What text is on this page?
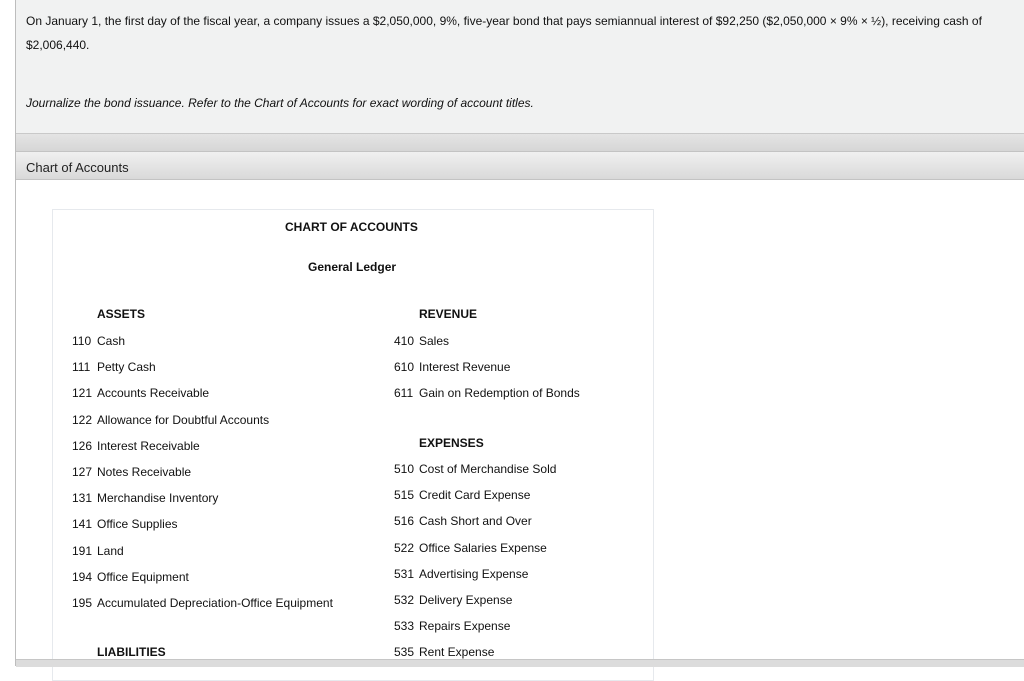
On January 1, the first day of the fiscal year, a company issues a $2,050,000, 9%, five-year bond that pays semiannual interest of $92,250 ($2,050,000 × 9% × ½), receiving cash of $2,006,440.
Journalize the bond issuance. Refer to the Chart of Accounts for exact wording of account titles.
Chart of Accounts
CHART OF ACCOUNTS
General Ledger
ASSETS
110 Cash
111 Petty Cash
121 Accounts Receivable
122 Allowance for Doubtful Accounts
126 Interest Receivable
127 Notes Receivable
131 Merchandise Inventory
141 Office Supplies
191 Land
194 Office Equipment
195 Accumulated Depreciation-Office Equipment
LIABILITIES
REVENUE
410 Sales
610 Interest Revenue
611 Gain on Redemption of Bonds
EXPENSES
510 Cost of Merchandise Sold
515 Credit Card Expense
516 Cash Short and Over
522 Office Salaries Expense
531 Advertising Expense
532 Delivery Expense
533 Repairs Expense
535 Rent Expense
